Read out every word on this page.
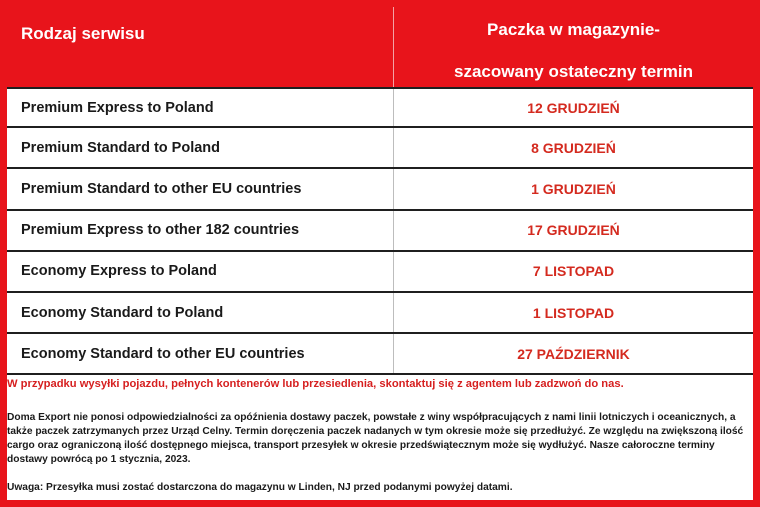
Rodzaj serwisu	Paczka w magazynie-
szacowany ostateczny termin
Premium Express to Poland	12 GRUDZIEŃ
Premium Standard to Poland	8 GRUDZIEŃ
Premium Standard to other EU countries	1 GRUDZIEŃ
Premium Express to other 182 countries	17 GRUDZIEŃ
Economy Express to Poland	7 LISTOPAD
Economy Standard to Poland	1 LISTOPAD
Economy Standard to other EU countries	27 PAŹDZIERNIK
W przypadku wysyłki pojazdu, pełnych kontenerów lub przesiedlenia, skontaktuj się z agentem lub zadzwoń do nas.
Doma Export nie ponosi odpowiedzialności za opóźnienia dostawy paczek, powstałe z winy współpracujących z nami linii lotniczych i oceanicznych, a także paczek zatrzymanych przez Urząd Celny. Termin doręczenia paczek nadanych w tym okresie może się przedłużyć. Ze względu na zwiększoną ilość cargo oraz ograniczoną ilość dostępnego miejsca, transport przesyłek w okresie przedświątecznym może się wydłużyć. Nasze całoroczne terminy dostawy powrócą po 1 stycznia, 2023.
Uwaga: Przesyłka musi zostać dostarczona do magazynu w Linden, NJ przed podanymi powyżej datami.
